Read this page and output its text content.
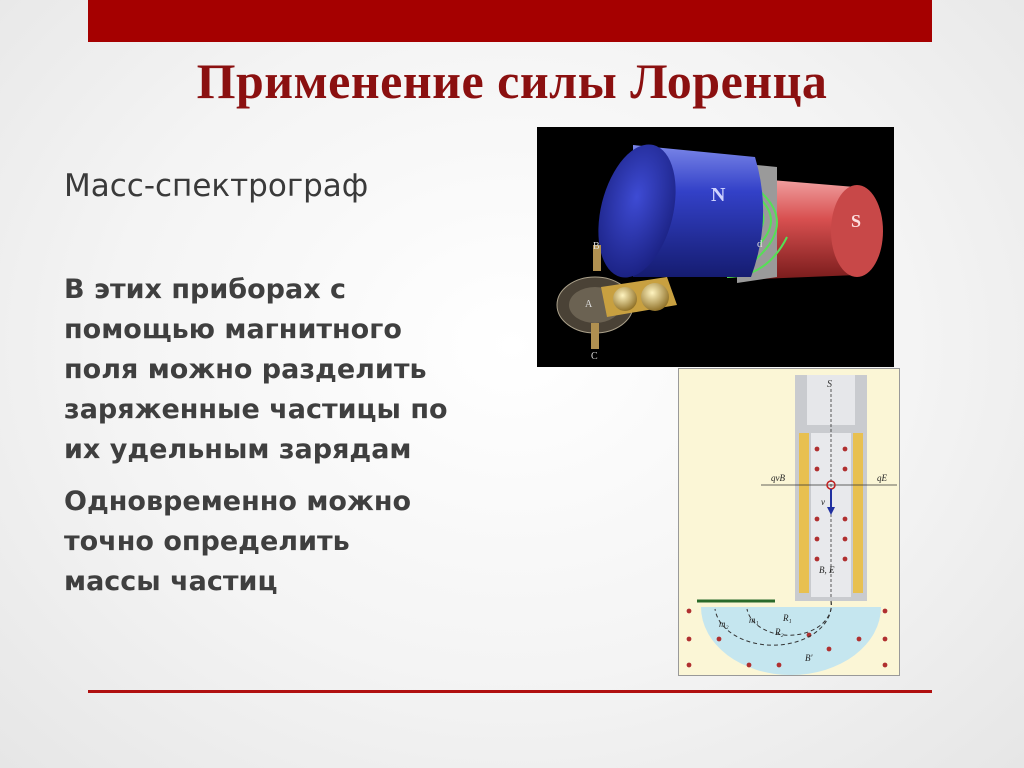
Применение силы Лоренца
Масс-спектрограф
В этих приборах с
помощью магнитного
поля можно разделить
заряженные частицы по
их удельным зарядам
Одновременно можно
точно определить
массы частиц
N
S
d
B
A
C
S
qvB	qE
v
B, E
m₂ m₁	R₁
R₂
B'
